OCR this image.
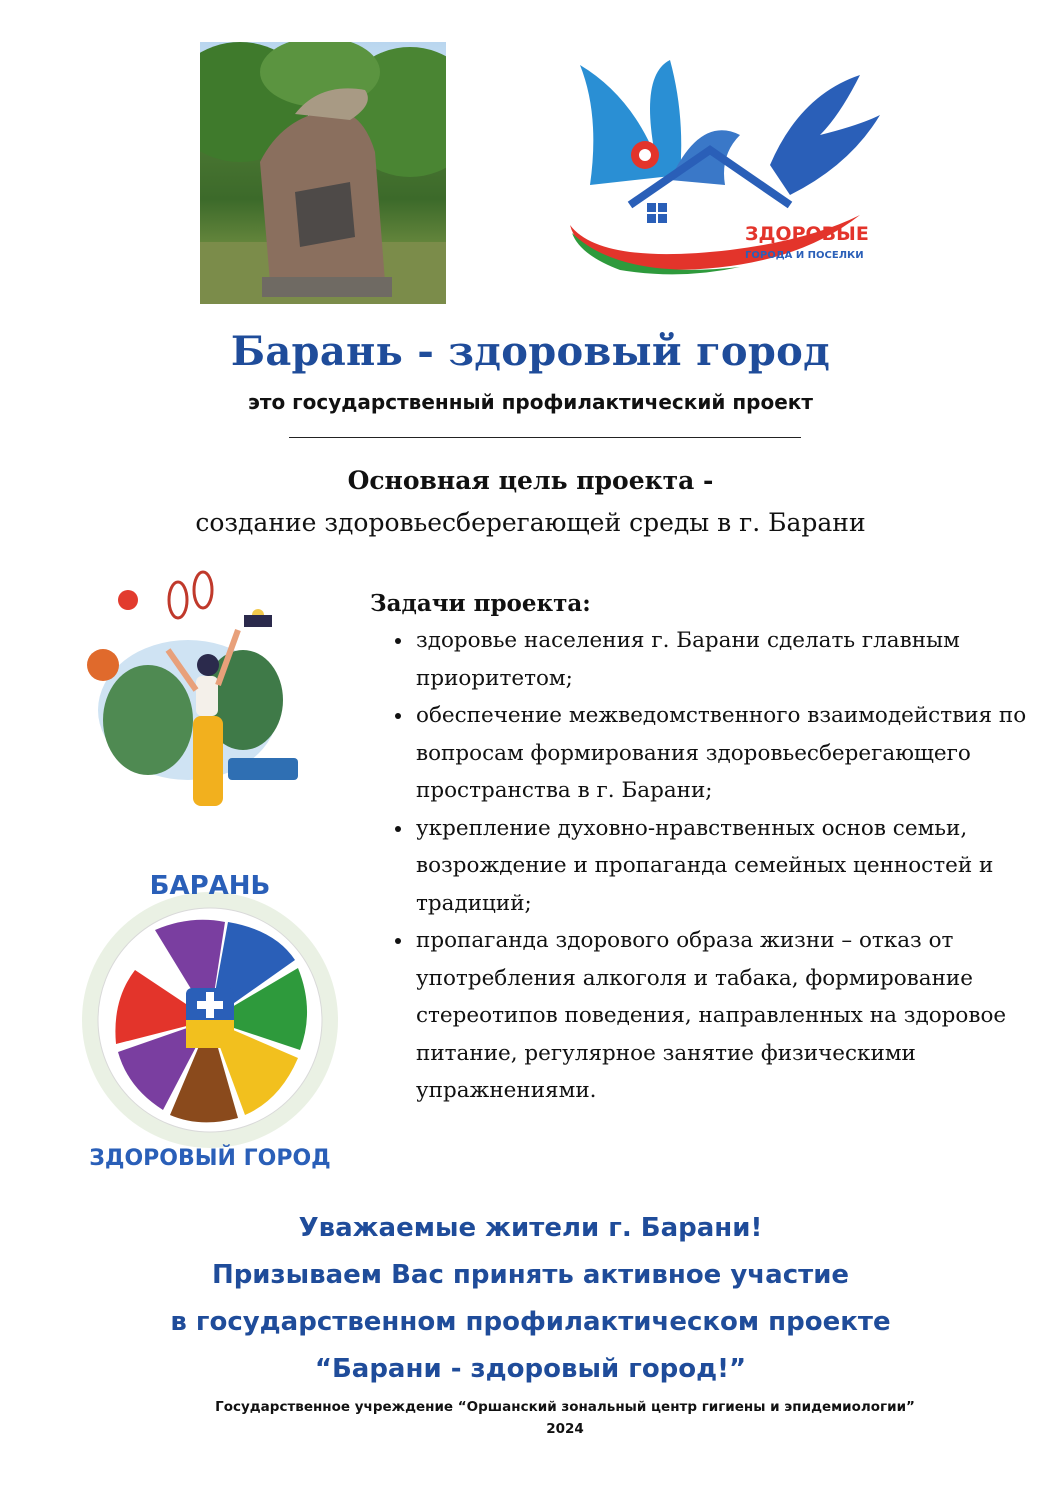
ЗДОРОВЫЕ
ГОРОДА И ПОСЕЛКИ
Барань - здоровый город
это государственный профилактический проект
Основная цель проекта -
создание здоровьесберегающей среды в г. Барани
БАРАНЬ
ЗДОРОВЫЙ ГОРОД
Задачи проекта:
• здоровье населения г. Барани сделать главным приоритетом;
• обеспечение межведомственного взаимодействия по вопросам формирования здоровьесберегающего пространства в г. Барани;
• укрепление духовно-нравственных основ семьи, возрождение и пропаганда семейных ценностей и традиций;
• пропаганда здорового образа жизни – отказ от употребления алкоголя и табака, формирование стереотипов поведения, направленных на здоровое питание, регулярное занятие физическими упражнениями.
Уважаемые жители г. Барани!
Призываем Вас принять активное участие
в государственном профилактическом проекте
“Барани - здоровый город!”
Государственное учреждение “Оршанский зональный центр гигиены и эпидемиологии”
2024
